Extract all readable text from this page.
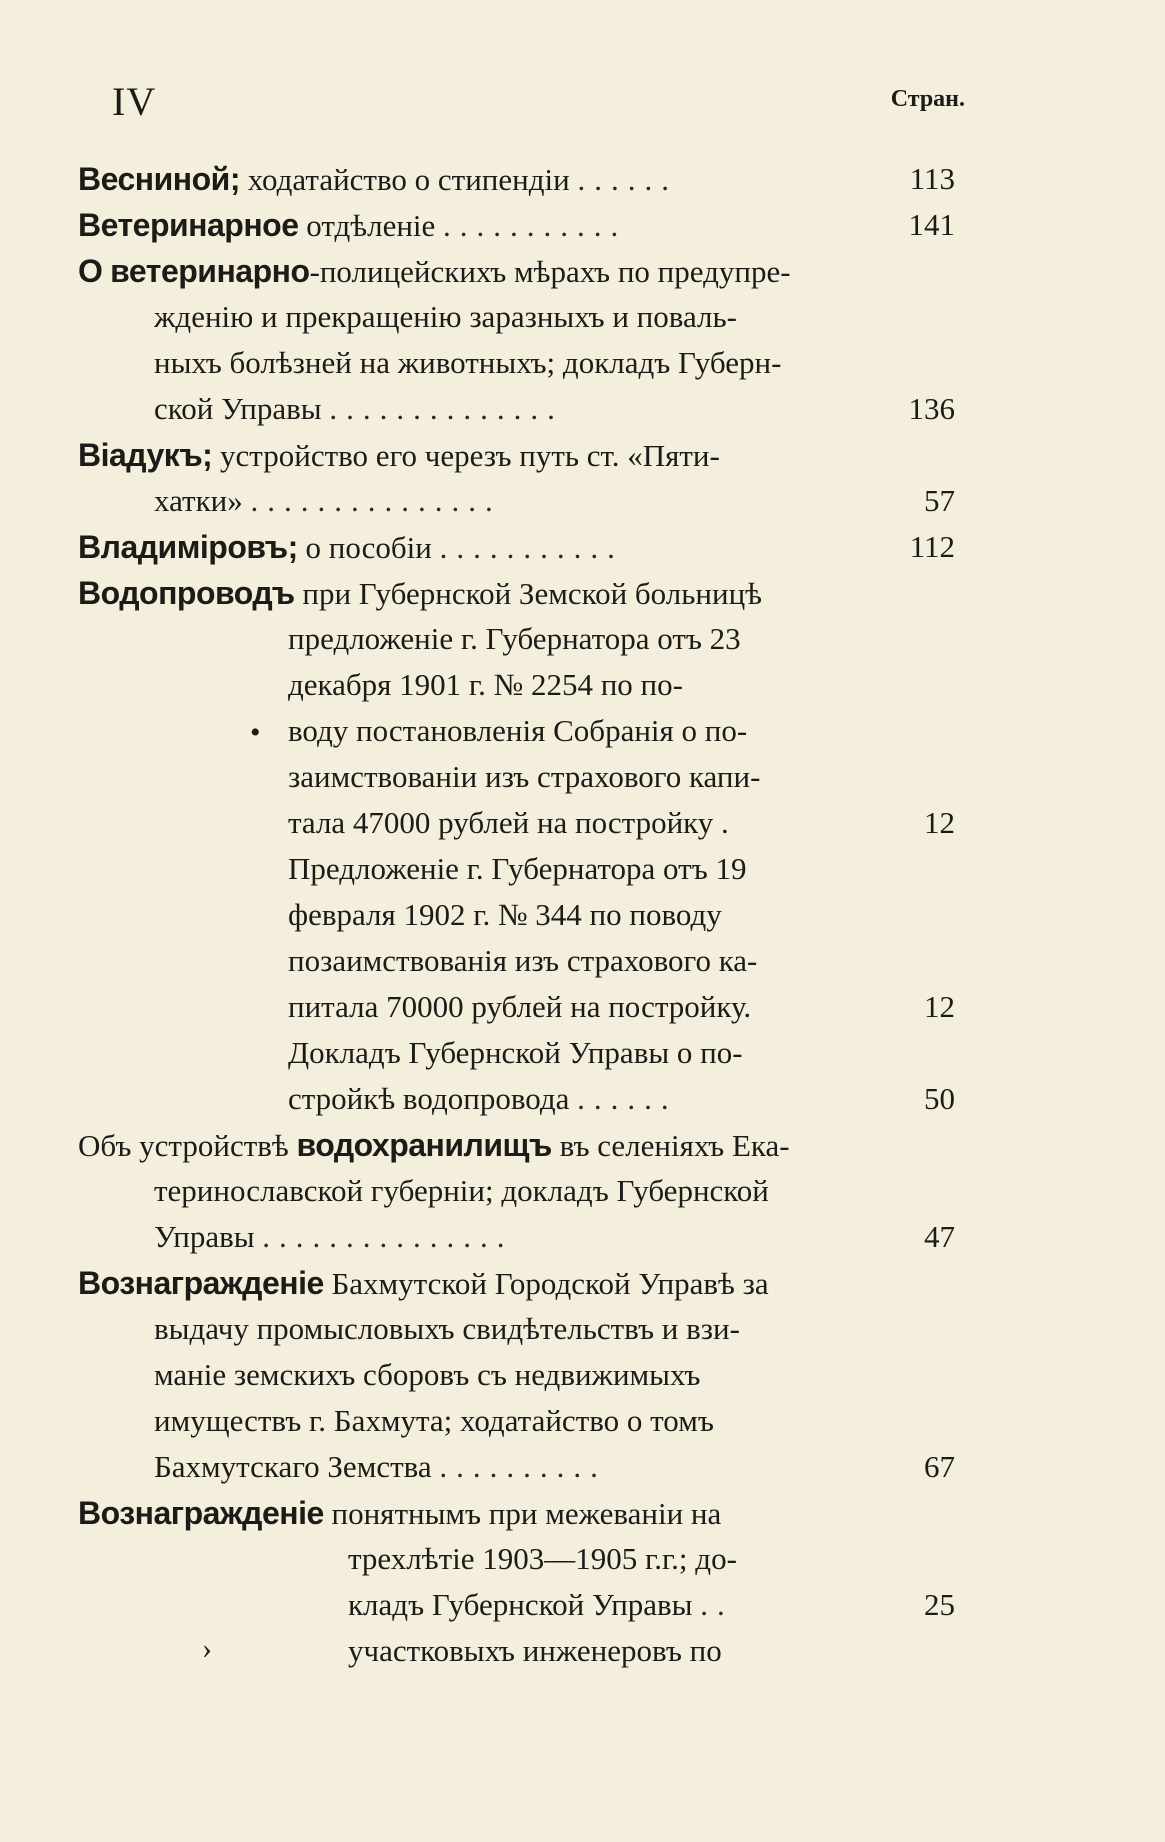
IV	Стран.
Весниной; ходатайство о стипендіи ......	113
Ветеринарное отдѣленіе ...........	141
О ветеринарно-полицейскихъ мѣрахъ по предупре-
жденію и прекращенію заразныхъ и поваль-
ныхъ болѣзней на животныхъ; докладъ Губерн-
ской Управы ..............	136
Віадукъ; устройство его черезъ путь ст. «Пяти-
хатки» ...............	57
Владиміровъ; о пособіи ...........	112
Водопроводъ при Губернской Земской больницѣ
предложеніе г. Губернатора отъ 23
декабря 1901 г. № 2254 по по-
• воду постановленія Собранія о по-
заимствованіи изъ страхового капи-
тала 47000 рублей на постройку .	12
Предложеніе г. Губернатора отъ 19
февраля 1902 г. № 344 по поводу
позаимствованія изъ страхового ка-
питала 70000 рублей на постройку.	12
Докладъ Губернской Управы о по-
стройкѣ водопровода ......	50
Объ устройствѣ водохранилищъ въ селеніяхъ Ека-
теринославской губерніи; докладъ Губернской
Управы ...............	47
Вознагражденіе Бахмутской Городской Управѣ за
выдачу промысловыхъ свидѣтельствъ и взи-
маніе земскихъ сборовъ съ недвижимыхъ
имуществъ г. Бахмута; ходатайство о томъ
Бахмутскаго Земства ..........	67
Вознагражденіе понятнымъ при межеваніи на
трехлѣтіе 1903—1905 г.г.; до-
кладъ Губернской Управы ..	25
›	участковыхъ инженеровъ по
